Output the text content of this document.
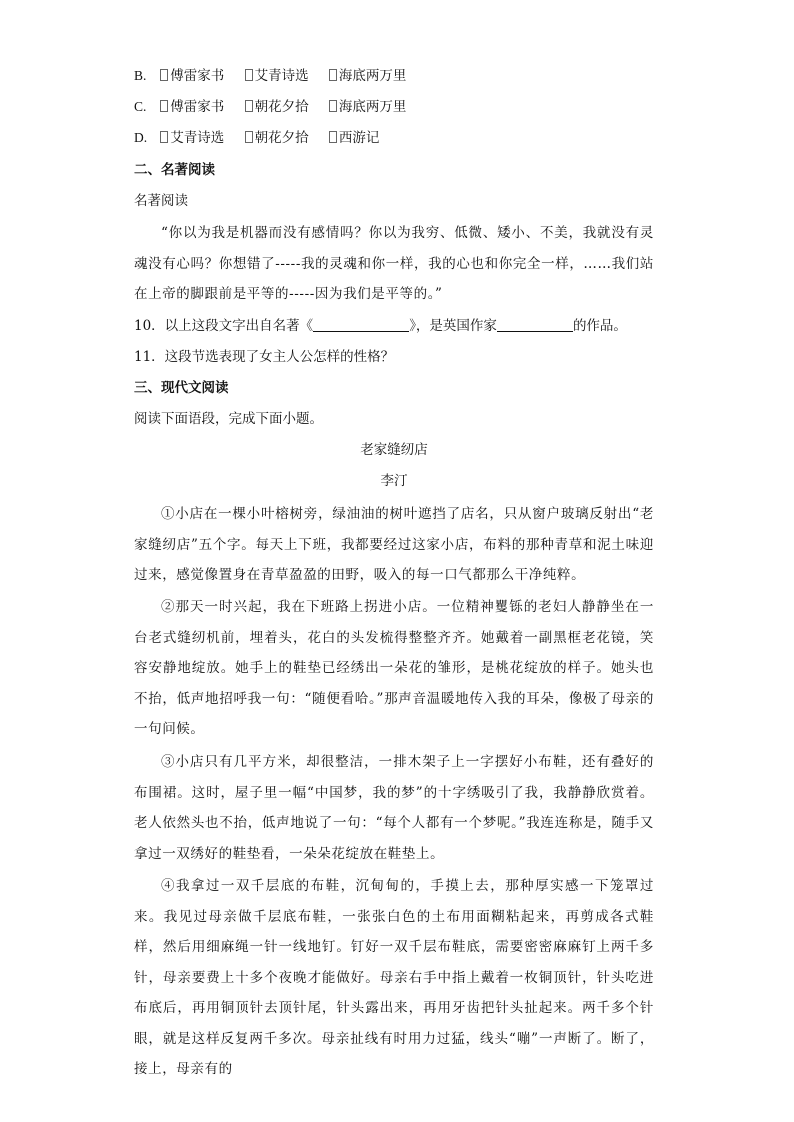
B. 傅雷家书 艾青诗选 海底两万里
C. 傅雷家书 朝花夕拾 海底两万里
D. 艾青诗选 朝花夕拾 西游记
二、名著阅读
名著阅读
“你以为我是机器而没有感情吗？你以为我穷、低微、矮小、不美，我就没有灵魂没有心吗？你想错了-----我的灵魂和你一样，我的心也和你完全一样，……我们站在上帝的脚跟前是平等的-----因为我们是平等的。”
10．以上这段文字出自名著《	》，是英国作家	的作品。
11．这段节选表现了女主人公怎样的性格？
三、现代文阅读
阅读下面语段，完成下面小题。
老家缝纫店
李汀
①小店在一棵小叶榕树旁，绿油油的树叶遮挡了店名，只从窗户玻璃反射出“老家缝纫店”五个字。每天上下班，我都要经过这家小店，布料的那种青草和泥土味迎过来，感觉像置身在青草盈盈的田野，吸入的每一口气都那么干净纯粹。
②那天一时兴起，我在下班路上拐进小店。一位精神矍铄的老妇人静静坐在一台老式缝纫机前，埋着头，花白的头发梳得整整齐齐。她戴着一副黑框老花镜，笑容安静地绽放。她手上的鞋垫已经绣出一朵花的雏形，是桃花绽放的样子。她头也不抬，低声地招呼我一句：“随便看哈。”那声音温暖地传入我的耳朵，像极了母亲的一句问候。
③小店只有几平方米，却很整洁，一排木架子上一字摆好小布鞋，还有叠好的布围裙。这时，屋子里一幅“中国梦，我的梦”的十字绣吸引了我，我静静欣赏着。老人依然头也不抬，低声地说了一句：“每个人都有一个梦呢。”我连连称是，随手又拿过一双绣好的鞋垫看，一朵朵花绽放在鞋垫上。
④我拿过一双千层底的布鞋，沉甸甸的，手摸上去，那种厚实感一下笼罩过来。我见过母亲做千层底布鞋，一张张白色的土布用面糊粘起来，再剪成各式鞋样，然后用细麻绳一针一线地钉。钉好一双千层布鞋底，需要密密麻麻钉上两千多针，母亲要费上十多个夜晚才能做好。母亲右手中指上戴着一枚铜顶针，针头吃进布底后，再用铜顶针去顶针尾，针头露出来，再用牙齿把针头扯起来。两千多个针眼，就是这样反复两千多次。母亲扯线有时用力过猛，线头“嘣”一声断了。断了，接上，母亲有的
